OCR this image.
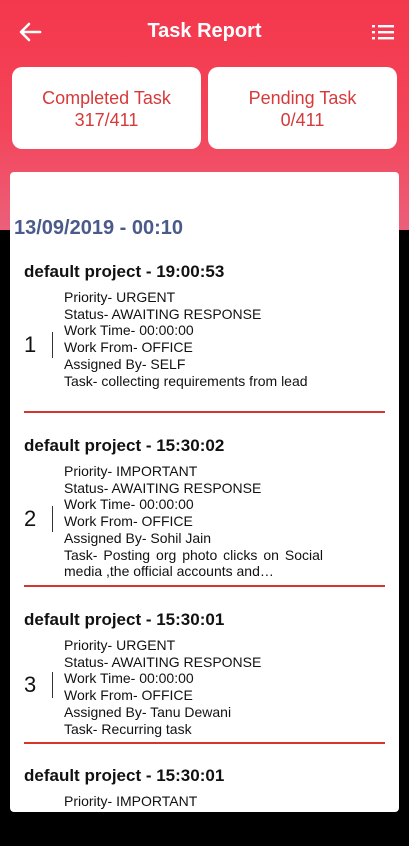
Task Report
Completed Task
317/411
Pending Task
0/411
13/09/2019 - 00:10
default project - 19:00:53
1
Priority- URGENT
Status- AWAITING RESPONSE
Work Time- 00:00:00
Work From- OFFICE
Assigned By- SELF
Task- collecting requirements from lead
default project - 15:30:02
2
Priority- IMPORTANT
Status- AWAITING RESPONSE
Work Time- 00:00:00
Work From- OFFICE
Assigned By- Sohil Jain
Task- Posting org photo clicks on Social media ,the official accounts and…
default project - 15:30:01
3
Priority- URGENT
Status- AWAITING RESPONSE
Work Time- 00:00:00
Work From- OFFICE
Assigned By- Tanu Dewani
Task- Recurring task
default project - 15:30:01
Priority- IMPORTANT
